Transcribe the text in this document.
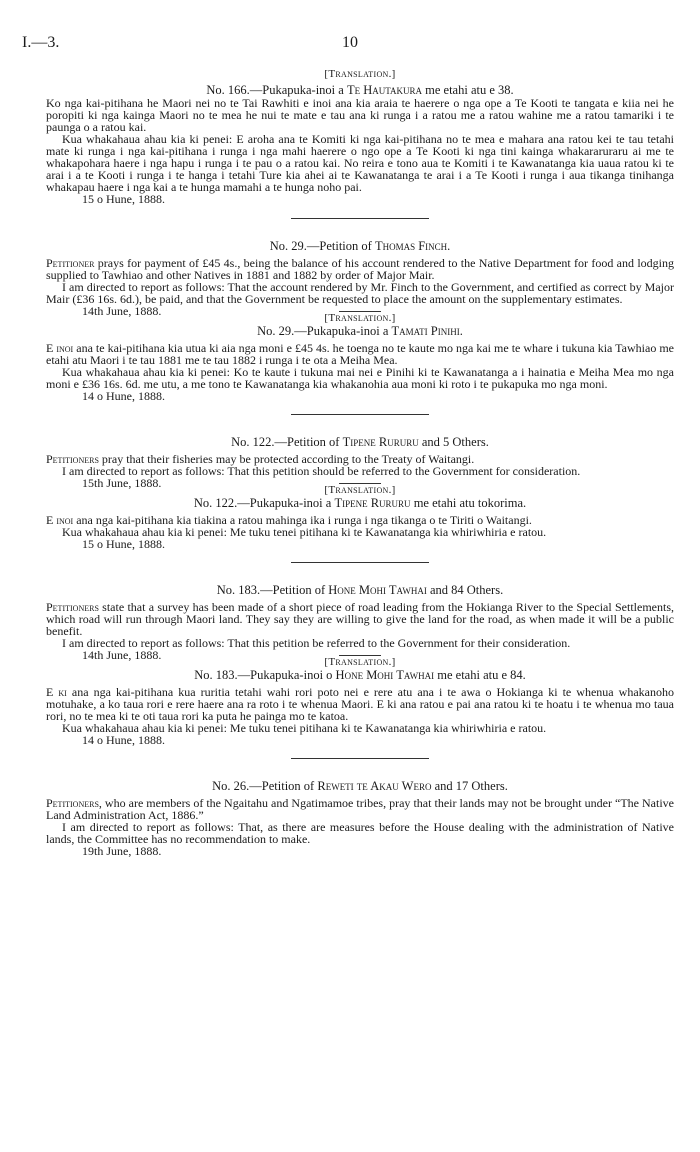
I.—3.	10
[Translation.]
No. 166.—Pukapuka-inoi a Te Hautakura me etahi atu e 38.

Ko nga kai-pitihana he Maori nei no te Tai Rawhiti e inoi ana kia araia te haerere o nga ope a Te Kooti te tangata e kiia nei he poropiti ki nga kainga Maori no te mea he nui te mate e tau ana ki runga i a ratou me a ratou wahine me a ratou tamariki i te paunga o a ratou kai.

Kua whakahaua ahau kia ki penei: E aroha ana te Komiti ki nga kai-pitihana no te mea e mahara ana ratou kei te tau tetahi mate ki runga i nga kai-pitihana i runga i nga mahi haerere o ngo ope a Te Kooti ki nga tini kainga whakararuraru ai me te whakapohara haere i nga hapu i runga i te pau o a ratou kai. No reira e tono aua te Komiti i te Kawanatanga kia uaua ratou ki te arai i a te Kooti i runga i te hanga i tetahi Ture kia ahei ai te Kawanatanga te arai i a Te Kooti i runga i aua tikanga tinihanga whakapau haere i nga kai a te hunga mamahi a te hunga noho pai.

15 o Hune, 1888.

No. 29.—Petition of Thomas Finch.

Petitioner prays for payment of £45 4s., being the balance of his account rendered to the Native Department for food and lodging supplied to Tawhiao and other Natives in 1881 and 1882 by order of Major Mair.

I am directed to report as follows: That the account rendered by Mr. Finch to the Government, and certified as correct by Major Mair (£36 16s. 6d.), be paid, and that the Government be requested to place the amount on the supplementary estimates.

14th June, 1888.	[Translation.]
No. 29.—Pukapuka-inoi a Tamati Pinihi.

E inoi ana te kai-pitihana kia utua ki aia nga moni e £45 4s. he toenga no te kaute mo nga kai me te whare i tukuna kia Tawhiao me etahi atu Maori i te tau 1881 me te tau 1882 i runga i te ota a Meiha Mea.

Kua whakahaua ahau kia ki penei: Ko te kaute i tukuna mai nei e Pinihi ki te Kawanatanga a i hainatia e Meiha Mea mo nga moni e £36 16s. 6d. me utu, a me tono te Kawanatanga kia whakanohia aua moni ki roto i te pukapuka mo nga moni.

14 o Hune, 1888.

No. 122.—Petition of Tipene Rururu and 5 Others.

Petitioners pray that their fisheries may be protected according to the Treaty of Waitangi.

I am directed to report as follows: That this petition should be referred to the Government for consideration.

15th June, 1888.	[Translation.]
No. 122.—Pukapuka-inoi a Tipene Rururu me etahi atu tokorima.

E inoi ana nga kai-pitihana kia tiakina a ratou mahinga ika i runga i nga tikanga o te Tiriti o Waitangi.

Kua whakahaua ahau kia ki penei: Me tuku tenei pitihana ki te Kawanatanga kia whiriwhiria e ratou.

15 o Hune, 1888.

No. 183.—Petition of Hone Mohi Tawhai and 84 Others.

Petitioners state that a survey has been made of a short piece of road leading from the Hokianga River to the Special Settlements, which road will run through Maori land. They say they are willing to give the land for the road, as when made it will be a public benefit.

I am directed to report as follows: That this petition be referred to the Government for their consideration.

14th June, 1888.	[Translation.]
No. 183.—Pukapuka-inoi o Hone Mohi Tawhai me etahi atu e 84.

E ki ana nga kai-pitihana kua ruritia tetahi wahi rori poto nei e rere atu ana i te awa o Hokianga ki te whenua whakanoho motuhake, a ko taua rori e rere haere ana ra roto i te whenua Maori. E ki ana ratou e pai ana ratou ki te hoatu i te whenua mo taua rori, no te mea ki te oti taua rori ka puta he painga mo te katoa.

Kua whakahaua ahau kia ki penei: Me tuku tenei pitihana ki te Kawanatanga kia whiriwhiria e ratou.

14 o Hune, 1888.

No. 26.—Petition of Reweti te Akau Wero and 17 Others.

Petitioners, who are members of the Ngaitahu and Ngatimamoe tribes, pray that their lands may not be brought under “The Native Land Administration Act, 1886.”

I am directed to report as follows: That, as there are measures before the House dealing with the administration of Native lands, the Committee has no recommendation to make.

19th June, 1888.
